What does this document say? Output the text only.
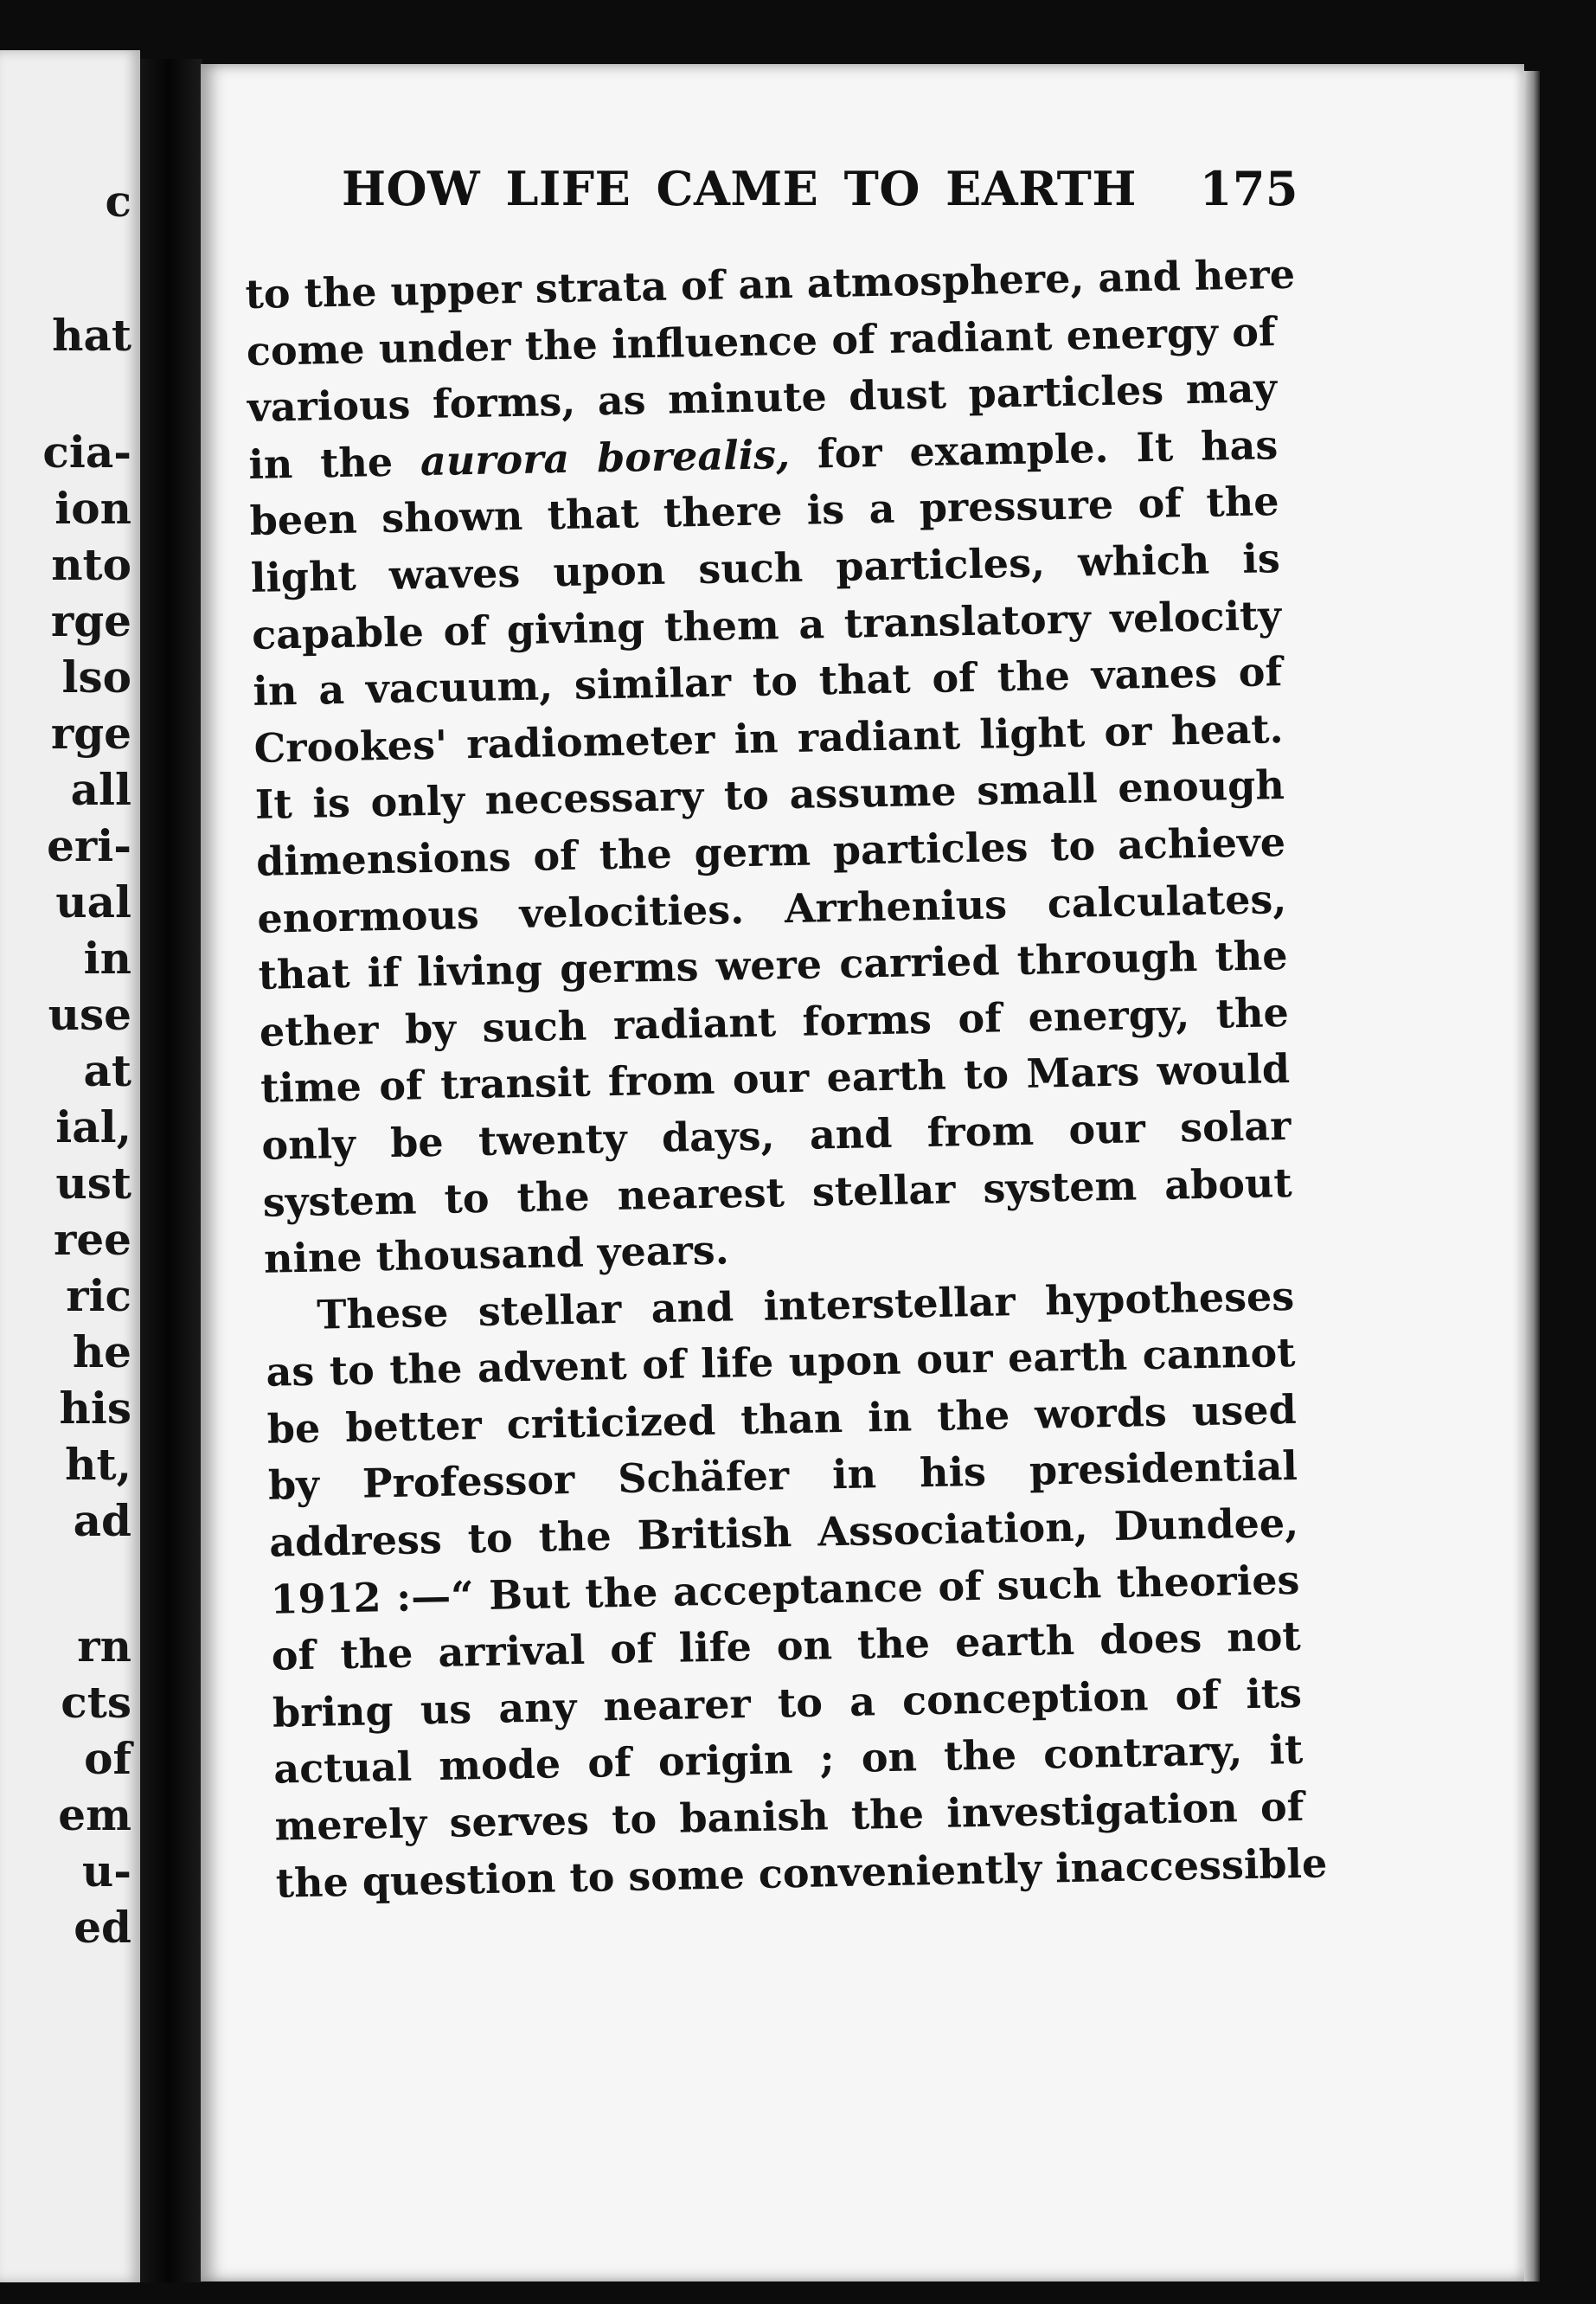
c
hat
cia-
ion
nto
rge
lso
rge
all
eri-
ual
in
use
at
ial,
ust
ree
ric
he
his
ht,
ad
rn
cts
of
em
u-
ed
HOW LIFE CAME TO EARTH 175
to the upper strata of an atmosphere, and here
come under the influence of radiant energy of
various forms, as minute dust particles may
in the aurora borealis, for example. It has
been shown that there is a pressure of the
light waves upon such particles, which is
capable of giving them a translatory velocity
in a vacuum, similar to that of the vanes of
Crookes' radiometer in radiant light or heat.
It is only necessary to assume small enough
dimensions of the germ particles to achieve
enormous velocities. Arrhenius calculates,
that if living germs were carried through the
ether by such radiant forms of energy, the
time of transit from our earth to Mars would
only be twenty days, and from our solar
system to the nearest stellar system about
nine thousand years.
These stellar and interstellar hypotheses
as to the advent of life upon our earth cannot
be better criticized than in the words used
by Professor Schäfer in his presidential
address to the British Association, Dundee,
1912 :—“ But the acceptance of such theories
of the arrival of life on the earth does not
bring us any nearer to a conception of its
actual mode of origin ; on the contrary, it
merely serves to banish the investigation of
the question to some conveniently inaccessible
